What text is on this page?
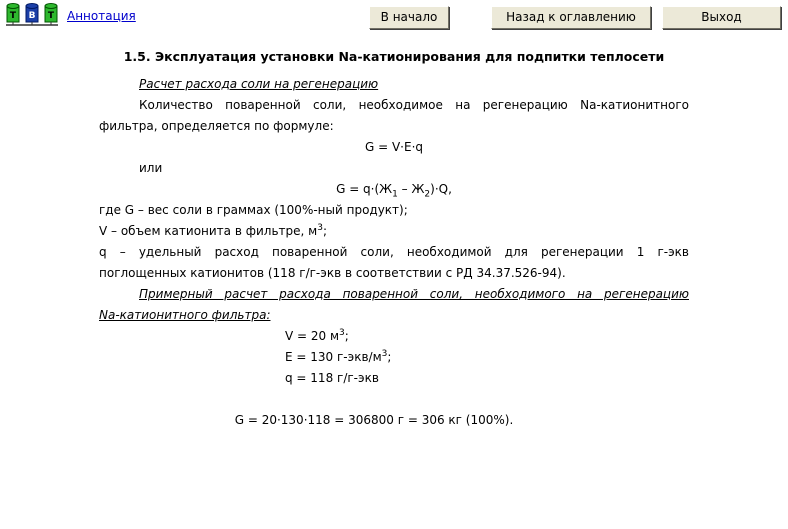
Т В Т Аннотация	В начало	Назад к оглавлению	Выход
1.5. Эксплуатация установки Na-катионирования для подпитки теплосети
Расчет расхода соли на регенерацию
Количество поваренной соли, необходимое на регенерацию Na-катионитного
фильтра, определяется по формуле:
G = V·E·q
или
$G = q\cdot(Ж_1 - Ж_2)\cdot Q$,
где G – вес соли в граммах (100%-ный продукт);
V – объем катионита в фильтре, $м^3$;
q – удельный расход поваренной соли, необходимой для регенерации 1 г-экв
поглощенных катионитов (118 г/г-экв в соответствии с РД 34.37.526-94).
Примерный расчет расхода поваренной соли, необходимого на регенерацию
Na-катионитного фильтра:
V = 20 $м^3$;
E = 130 $г-экв/м^3$;
q = 118 г/г-экв
G = 20·130·118 = 306800 г = 306 кг (100%).
